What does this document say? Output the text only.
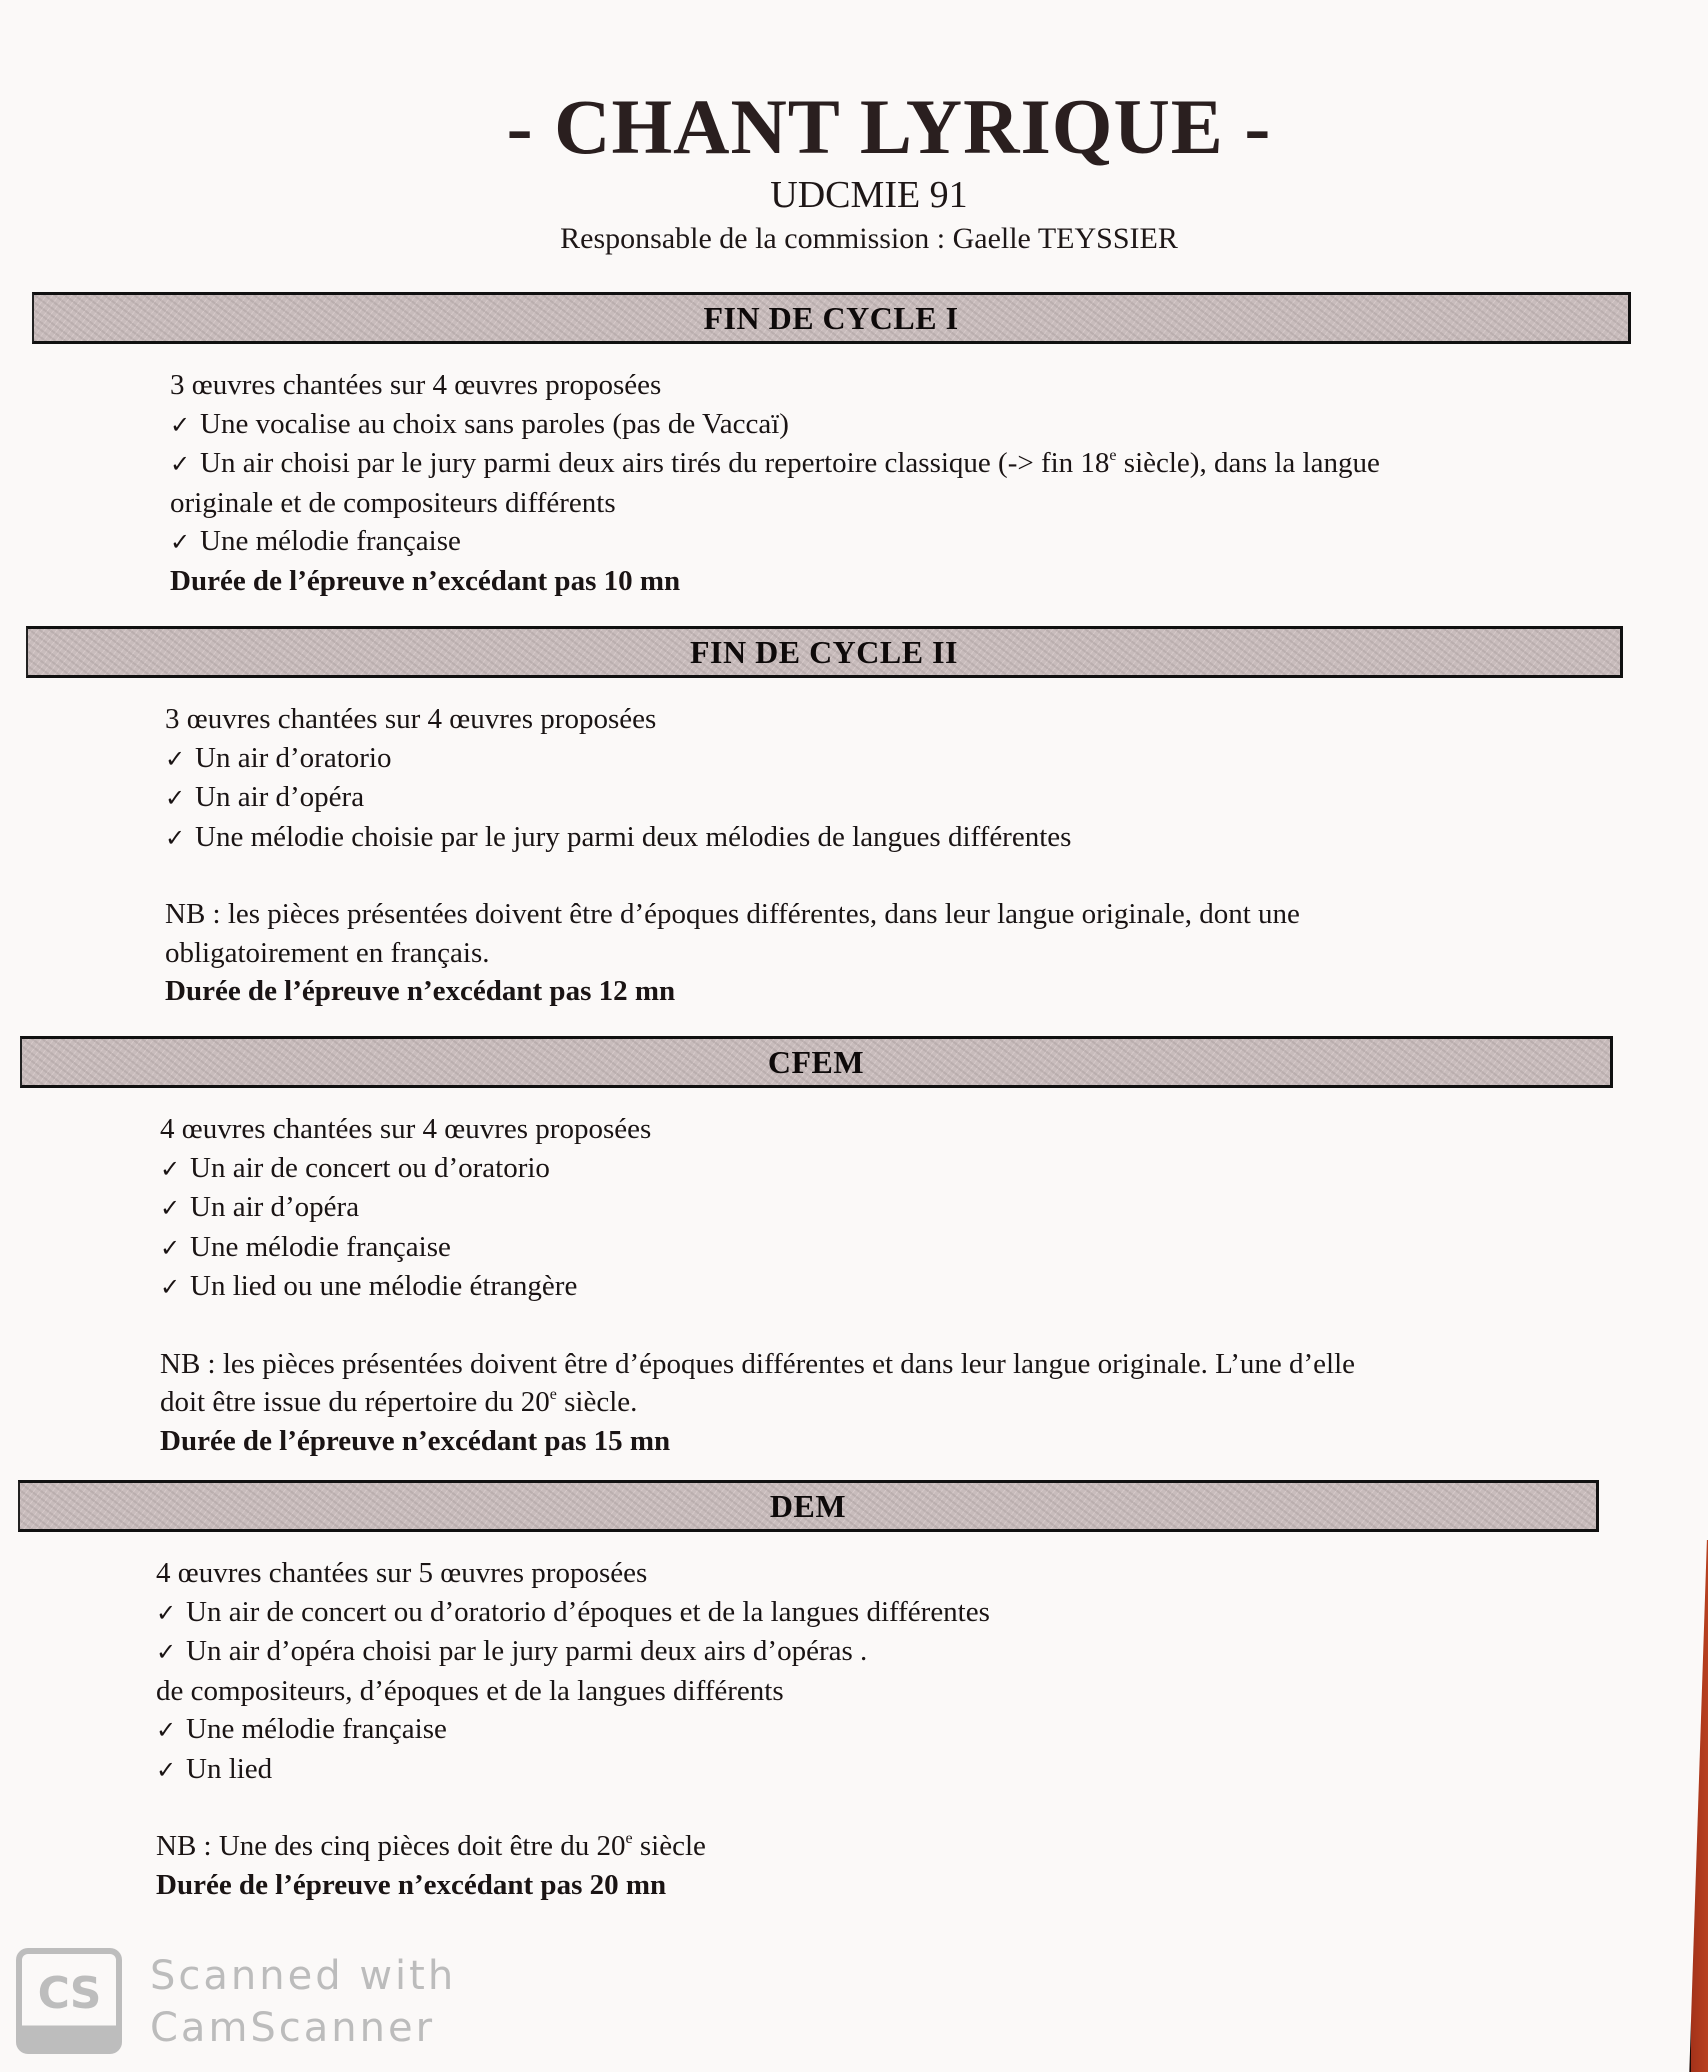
- CHANT LYRIQUE -
UDCMIE 91
Responsable de la commission : Gaelle TEYSSIER
FIN DE CYCLE I
3 œuvres chantées sur 4 œuvres proposées
✓ Une vocalise au choix sans paroles (pas de Vaccaï)
✓ Un air choisi par le jury parmi deux airs tirés du repertoire classique (-> fin 18e siècle), dans la langue
originale et de compositeurs différents
✓ Une mélodie française
Durée de l’épreuve n’excédant pas 10 mn
FIN DE CYCLE II
3 œuvres chantées sur 4 œuvres proposées
✓ Un air d’oratorio
✓ Un air d’opéra
✓ Une mélodie choisie par le jury parmi deux mélodies de langues différentes
NB : les pièces présentées doivent être d’époques différentes, dans leur langue originale, dont une
obligatoirement en français.
Durée de l’épreuve n’excédant pas 12 mn
CFEM
4 œuvres chantées sur 4 œuvres proposées
✓ Un air de concert ou d’oratorio
✓ Un air d’opéra
✓ Une mélodie française
✓ Un lied ou une mélodie étrangère
NB : les pièces présentées doivent être d’époques différentes et dans leur langue originale. L’une d’elle
doit être issue du répertoire du 20e siècle.
Durée de l’épreuve n’excédant pas 15 mn
DEM
4 œuvres chantées sur 5 œuvres proposées
✓ Un air de concert ou d’oratorio d’époques et de la langues différentes
✓ Un air d’opéra choisi par le jury parmi deux airs d’opéras .
de compositeurs, d’époques et de la langues différents
✓ Une mélodie française
✓ Un lied
NB : Une des cinq pièces doit être du 20e siècle
Durée de l’épreuve n’excédant pas 20 mn
CS Scanned with
CamScanner
